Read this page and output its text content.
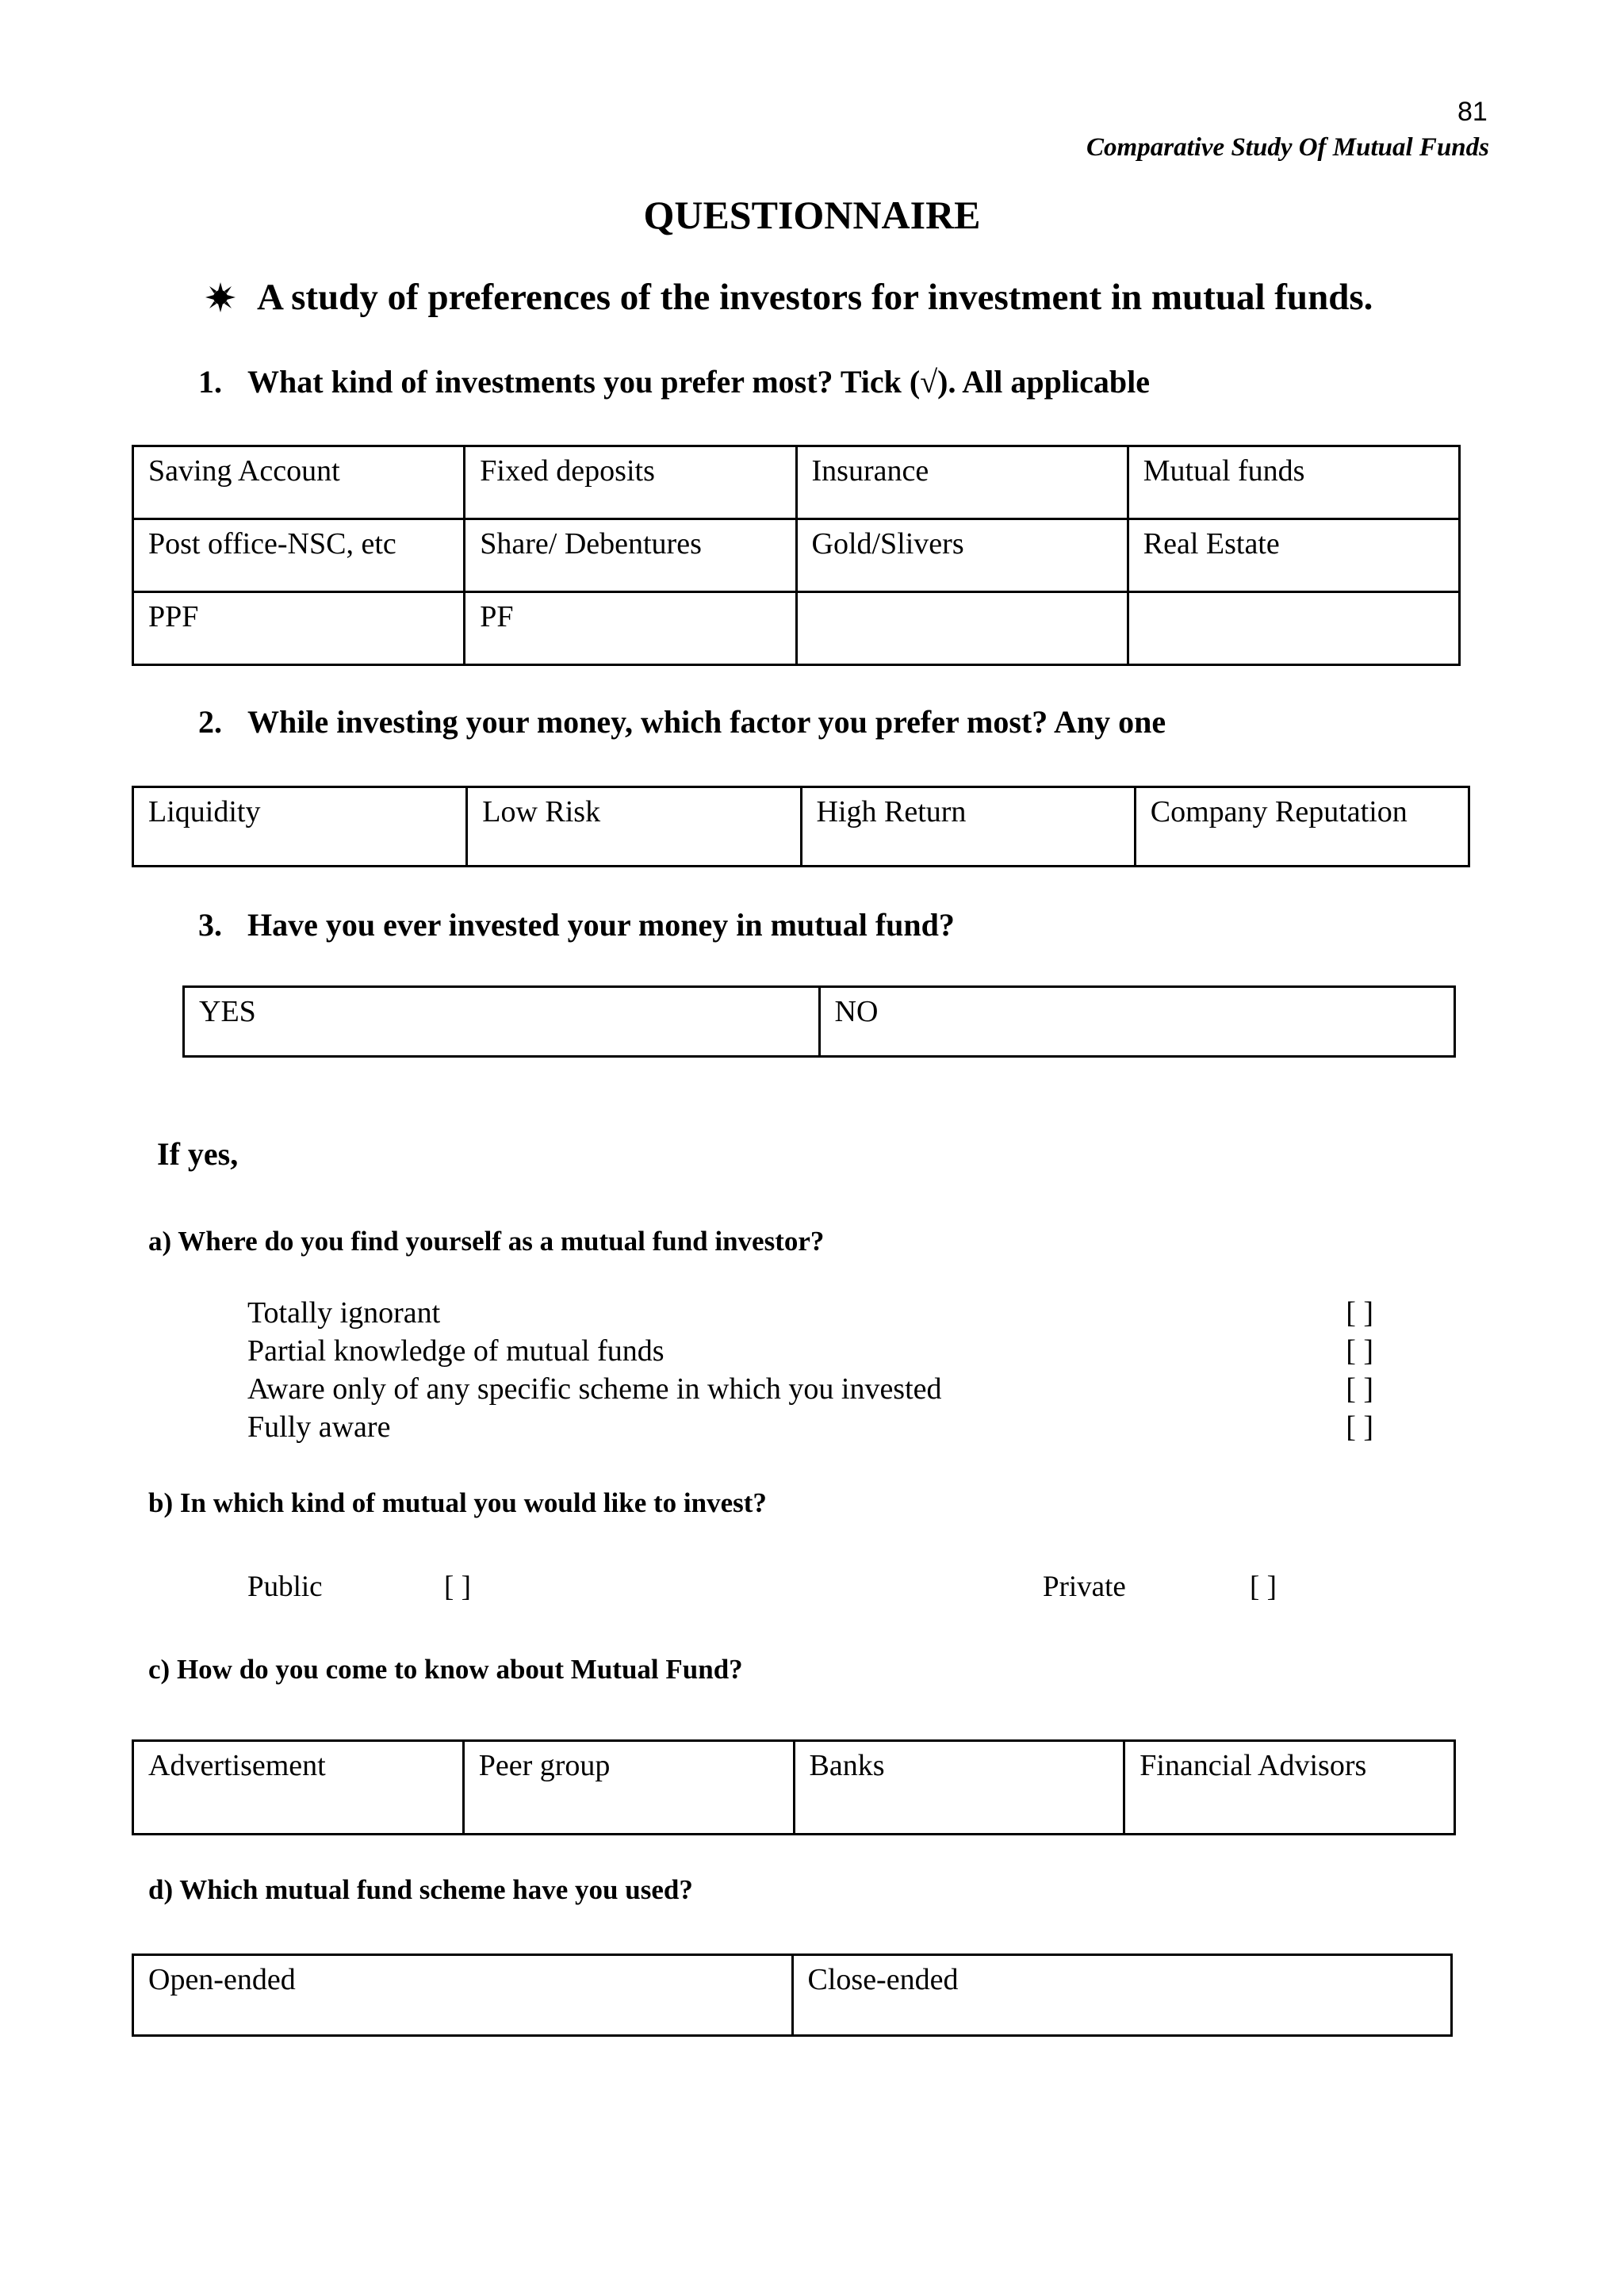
81
Comparative Study Of Mutual Funds
QUESTIONNAIRE
A study of preferences of the investors for investment in mutual funds.
1. What kind of investments you prefer most? Tick (√). All applicable
Saving Account	Fixed deposits	Insurance	Mutual funds
Post office-NSC, etc	Share/ Debentures	Gold/Slivers	Real Estate
PPF	PF		
2. While investing your money, which factor you prefer most? Any one
Liquidity	Low Risk	High Return	Company Reputation
3. Have you ever invested your money in mutual fund?
YES	NO
If yes,
a) Where do you find yourself as a mutual fund investor?
Totally ignorant	[ ]
Partial knowledge of mutual funds	[ ]
Aware only of any specific scheme in which you invested	[ ]
Fully aware	[ ]
b) In which kind of mutual you would like to invest?
Public	[ ]	Private	[ ]
c) How do you come to know about Mutual Fund?
Advertisement	Peer group	Banks	Financial Advisors
d) Which mutual fund scheme have you used?
Open-ended	Close-ended
